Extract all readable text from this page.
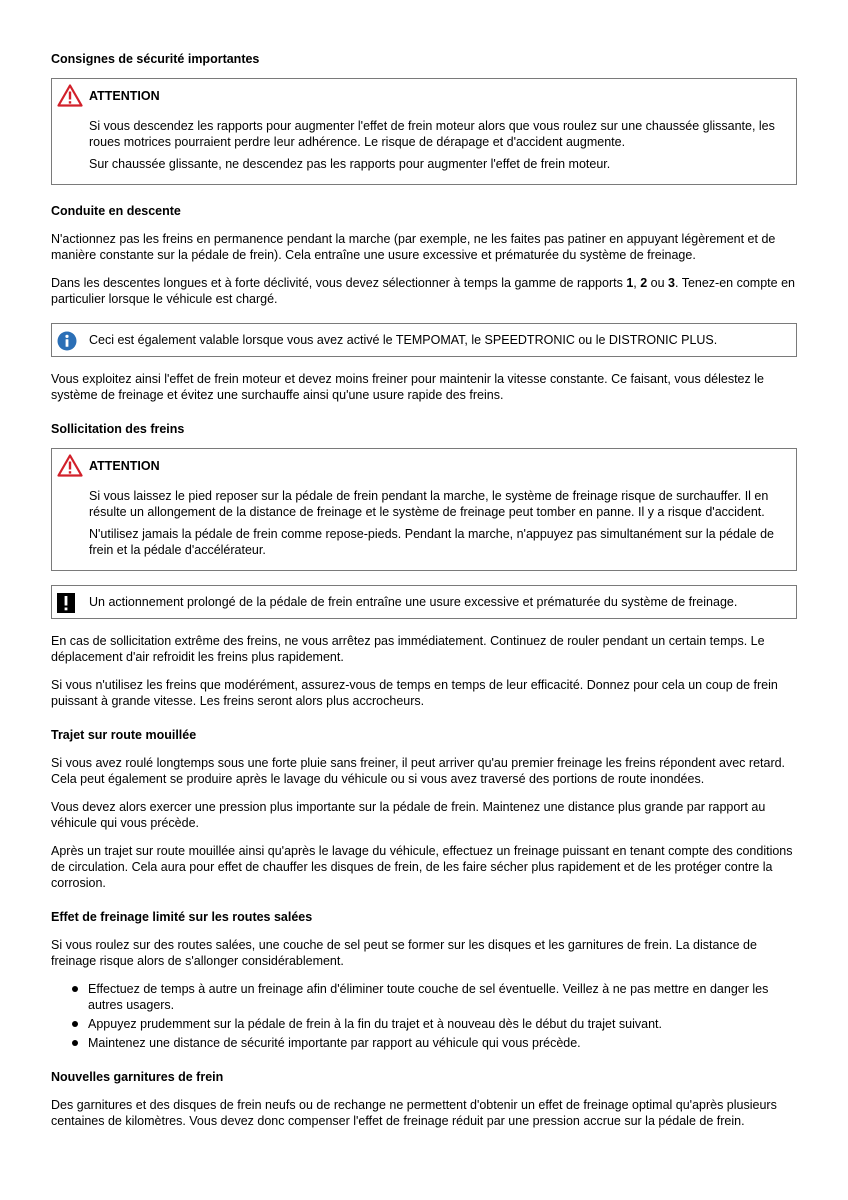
Consignes de sécurité importantes
ATTENTION

Si vous descendez les rapports pour augmenter l'effet de frein moteur alors que vous roulez sur une chaussée glissante, les roues motrices pourraient perdre leur adhérence. Le risque de dérapage et d'accident augmente.

Sur chaussée glissante, ne descendez pas les rapports pour augmenter l'effet de frein moteur.

Conduite en descente

N'actionnez pas les freins en permanence pendant la marche (par exemple, ne les faites pas patiner en appuyant légèrement et de manière constante sur la pédale de frein). Cela entraîne une usure excessive et prématurée du système de freinage.

Dans les descentes longues et à forte déclivité, vous devez sélectionner à temps la gamme de rapports 1, 2 ou 3. Tenez-en compte en particulier lorsque le véhicule est chargé.

Ceci est également valable lorsque vous avez activé le TEMPOMAT, le SPEEDTRONIC ou le DISTRONIC PLUS.

Vous exploitez ainsi l'effet de frein moteur et devez moins freiner pour maintenir la vitesse constante. Ce faisant, vous délestez le système de freinage et évitez une surchauffe ainsi qu'une usure rapide des freins.

Sollicitation des freins
ATTENTION

Si vous laissez le pied reposer sur la pédale de frein pendant la marche, le système de freinage risque de surchauffer. Il en résulte un allongement de la distance de freinage et le système de freinage peut tomber en panne. Il y a risque d'accident.

N'utilisez jamais la pédale de frein comme repose-pieds. Pendant la marche, n'appuyez pas simultanément sur la pédale de frein et la pédale d'accélérateur.

Un actionnement prolongé de la pédale de frein entraîne une usure excessive et prématurée du système de freinage.

En cas de sollicitation extrême des freins, ne vous arrêtez pas immédiatement. Continuez de rouler pendant un certain temps. Le déplacement d'air refroidit les freins plus rapidement.

Si vous n'utilisez les freins que modérément, assurez-vous de temps en temps de leur efficacité. Donnez pour cela un coup de frein puissant à grande vitesse. Les freins seront alors plus accrocheurs.

Trajet sur route mouillée

Si vous avez roulé longtemps sous une forte pluie sans freiner, il peut arriver qu'au premier freinage les freins répondent avec retard. Cela peut également se produire après le lavage du véhicule ou si vous avez traversé des portions de route inondées.

Vous devez alors exercer une pression plus importante sur la pédale de frein. Maintenez une distance plus grande par rapport au véhicule qui vous précède.

Après un trajet sur route mouillée ainsi qu'après le lavage du véhicule, effectuez un freinage puissant en tenant compte des conditions de circulation. Cela aura pour effet de chauffer les disques de frein, de les faire sécher plus rapidement et de les protéger contre la corrosion.

Effet de freinage limité sur les routes salées

Si vous roulez sur des routes salées, une couche de sel peut se former sur les disques et les garnitures de frein. La distance de freinage risque alors de s'allonger considérablement.

Effectuez de temps à autre un freinage afin d'éliminer toute couche de sel éventuelle. Veillez à ne pas mettre en danger les autres usagers.
Appuyez prudemment sur la pédale de frein à la fin du trajet et à nouveau dès le début du trajet suivant.
Maintenez une distance de sécurité importante par rapport au véhicule qui vous précède.
Nouvelles garnitures de frein

Des garnitures et des disques de frein neufs ou de rechange ne permettent d'obtenir un effet de freinage optimal qu'après plusieurs centaines de kilomètres. Vous devez donc compenser l'effet de freinage réduit par une pression accrue sur la pédale de frein.
